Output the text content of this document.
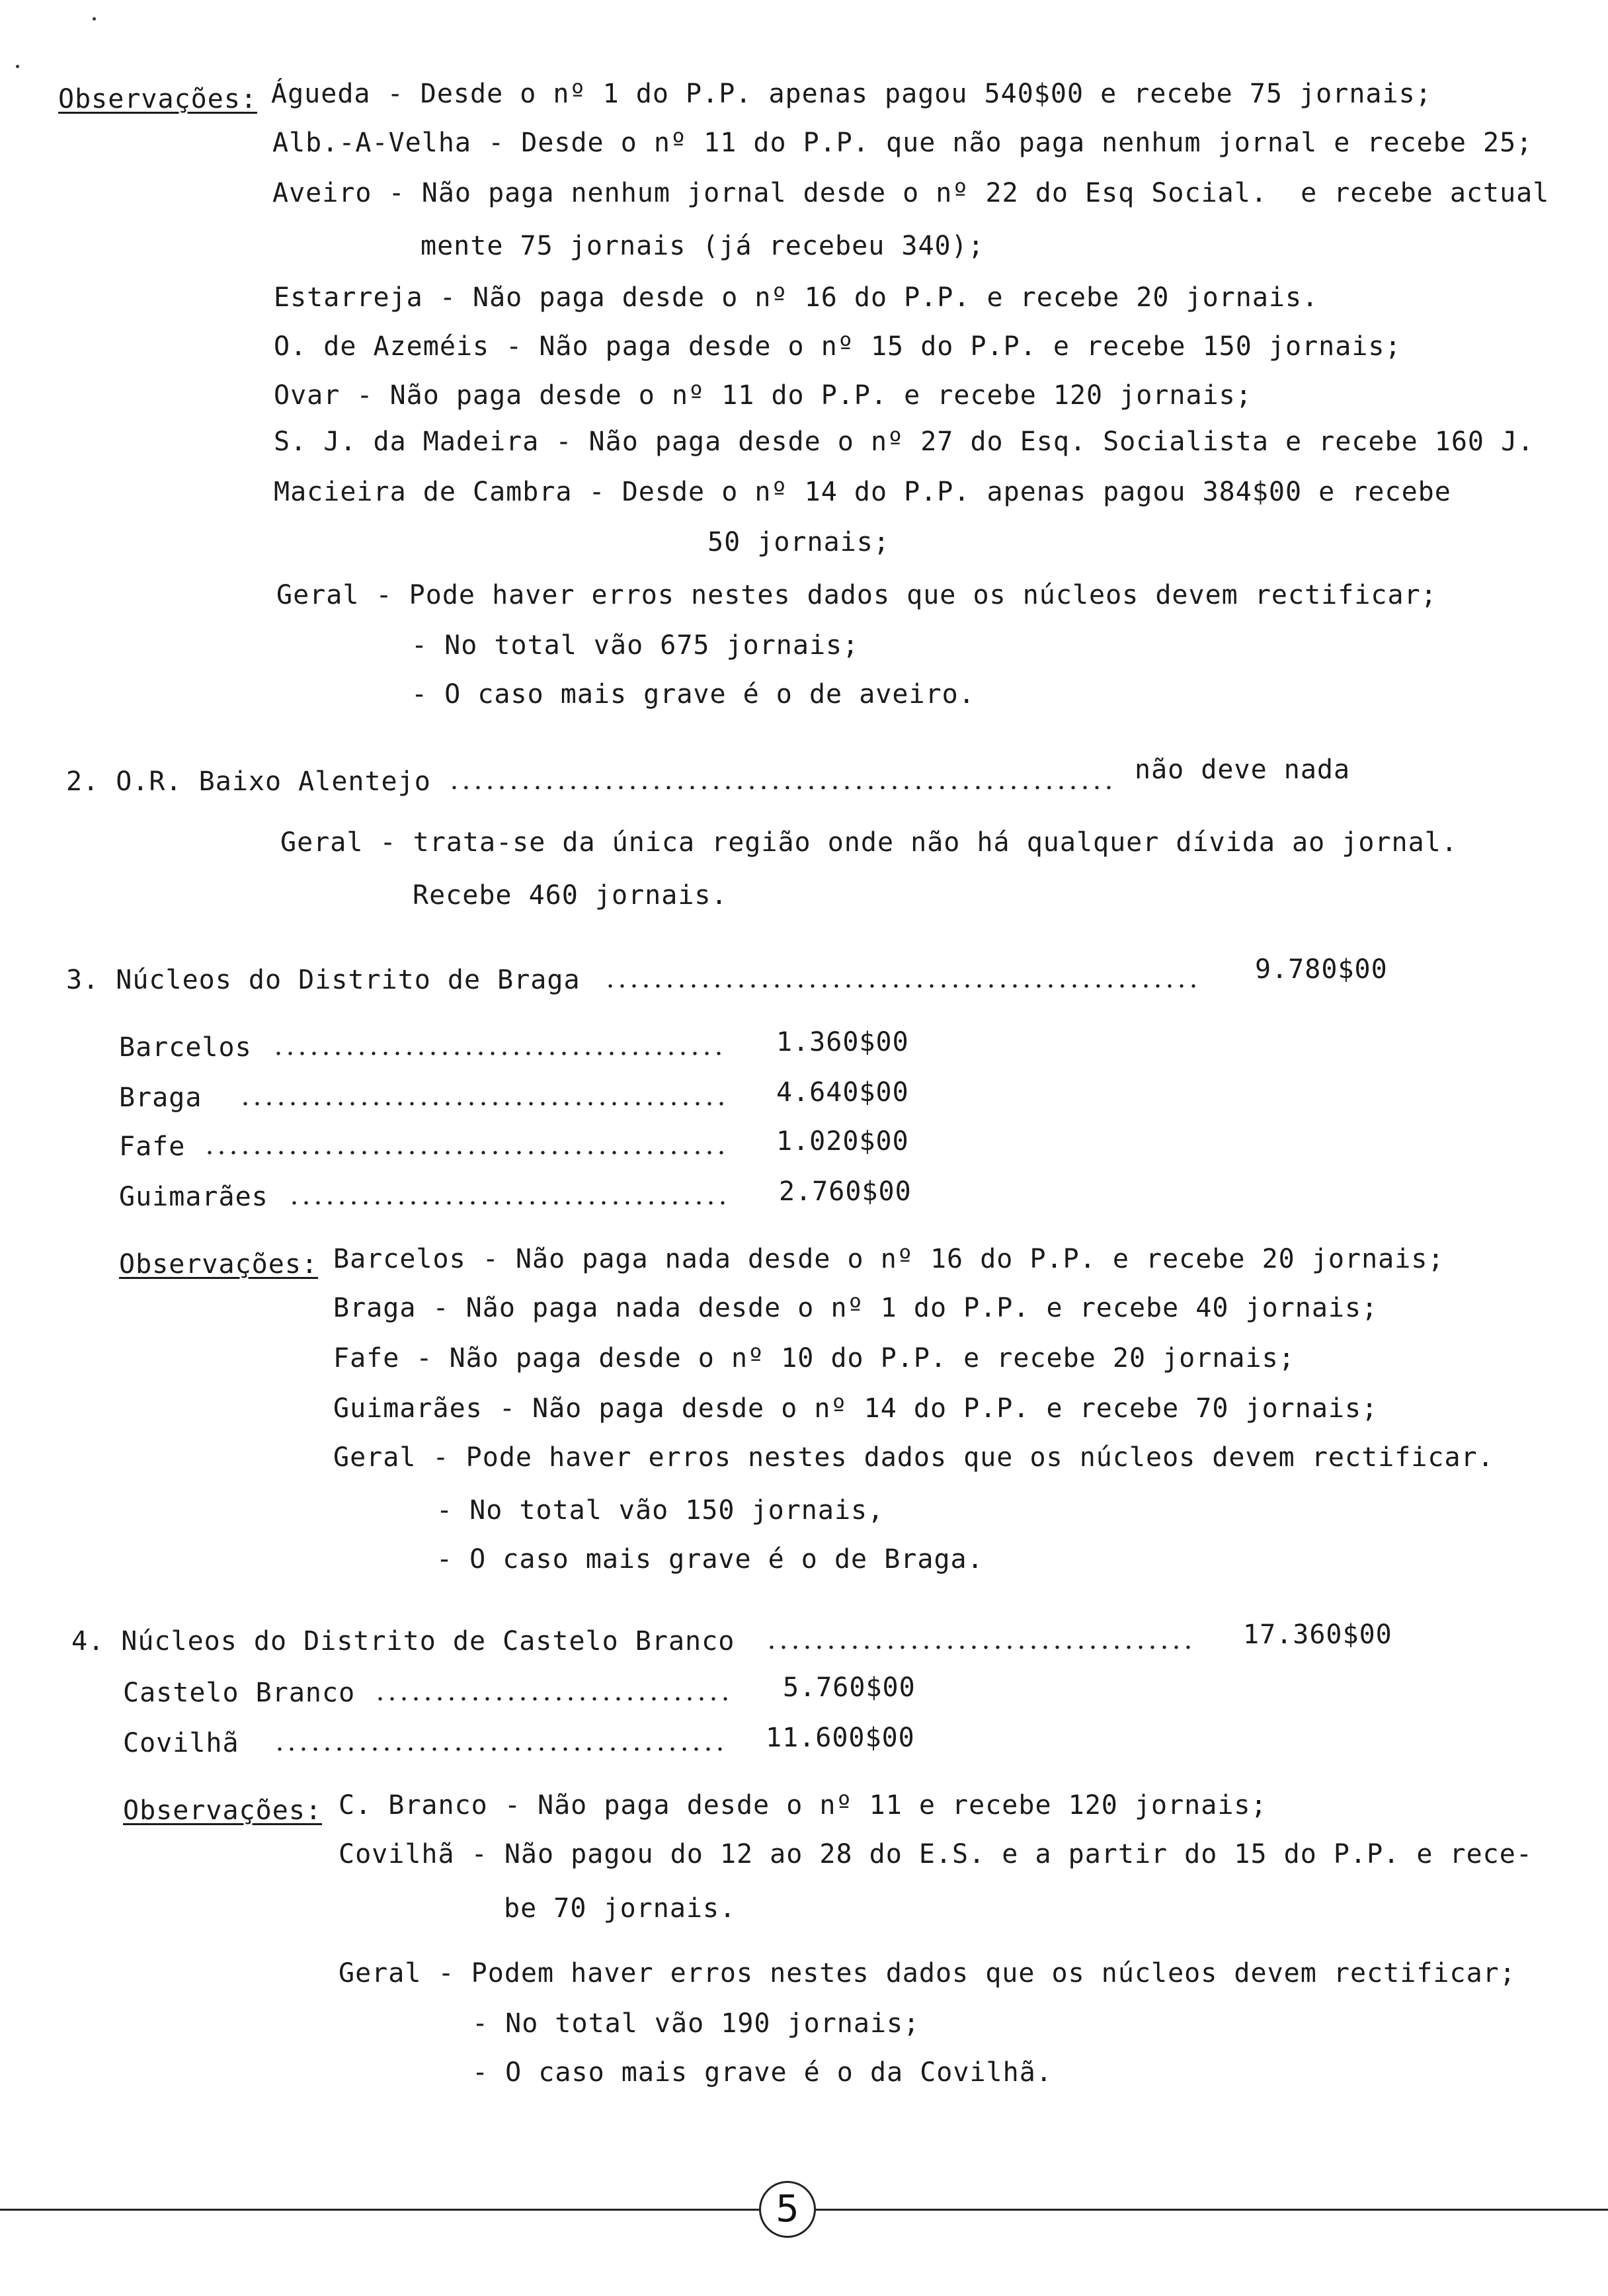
Observações: Águeda - Desde o nº 1 do P.P. apenas pagou 540$00 e recebe 75 jornais;
Alb.-A-Velha - Desde o nº 11 do P.P. que não paga nenhum jornal e recebe 25;
Aveiro - Não paga nenhum jornal desde o nº 22 do Esq Social.  e recebe actual
mente 75 jornais (já recebeu 340);
Estarreja - Não paga desde o nº 16 do P.P. e recebe 20 jornais.
O. de Azeméis - Não paga desde o nº 15 do P.P. e recebe 150 jornais;
Ovar - Não paga desde o nº 11 do P.P. e recebe 120 jornais;
S. J. da Madeira - Não paga desde o nº 27 do Esq. Socialista e recebe 160 J.
Macieira de Cambra - Desde o nº 14 do P.P. apenas pagou 384$00 e recebe
50 jornais;
Geral - Pode haver erros nestes dados que os núcleos devem rectificar;
- No total vão 675 jornais;
- O caso mais grave é o de aveiro.
2. O.R. Baixo Alentejo	não deve nada
Geral - trata-se da única região onde não há qualquer dívida ao jornal.
Recebe 460 jornais.
3. Núcleos do Distrito de Braga	9.780$00
Barcelos	1.360$00
Braga	4.640$00
Fafe	1.020$00
Guimarães	2.760$00
Observações: Barcelos - Não paga nada desde o nº 16 do P.P. e recebe 20 jornais;
Braga - Não paga nada desde o nº 1 do P.P. e recebe 40 jornais;
Fafe - Não paga desde o nº 10 do P.P. e recebe 20 jornais;
Guimarães - Não paga desde o nº 14 do P.P. e recebe 70 jornais;
Geral - Pode haver erros nestes dados que os núcleos devem rectificar.
- No total vão 150 jornais,
- O caso mais grave é o de Braga.
4. Núcleos do Distrito de Castelo Branco	17.360$00
Castelo Branco	5.760$00
Covilhã	11.600$00
Observações: C. Branco - Não paga desde o nº 11 e recebe 120 jornais;
Covilhã - Não pagou do 12 ao 28 do E.S. e a partir do 15 do P.P. e rece-
be 70 jornais.
Geral - Podem haver erros nestes dados que os núcleos devem rectificar;
- No total vão 190 jornais;
- O caso mais grave é o da Covilhã.
5
